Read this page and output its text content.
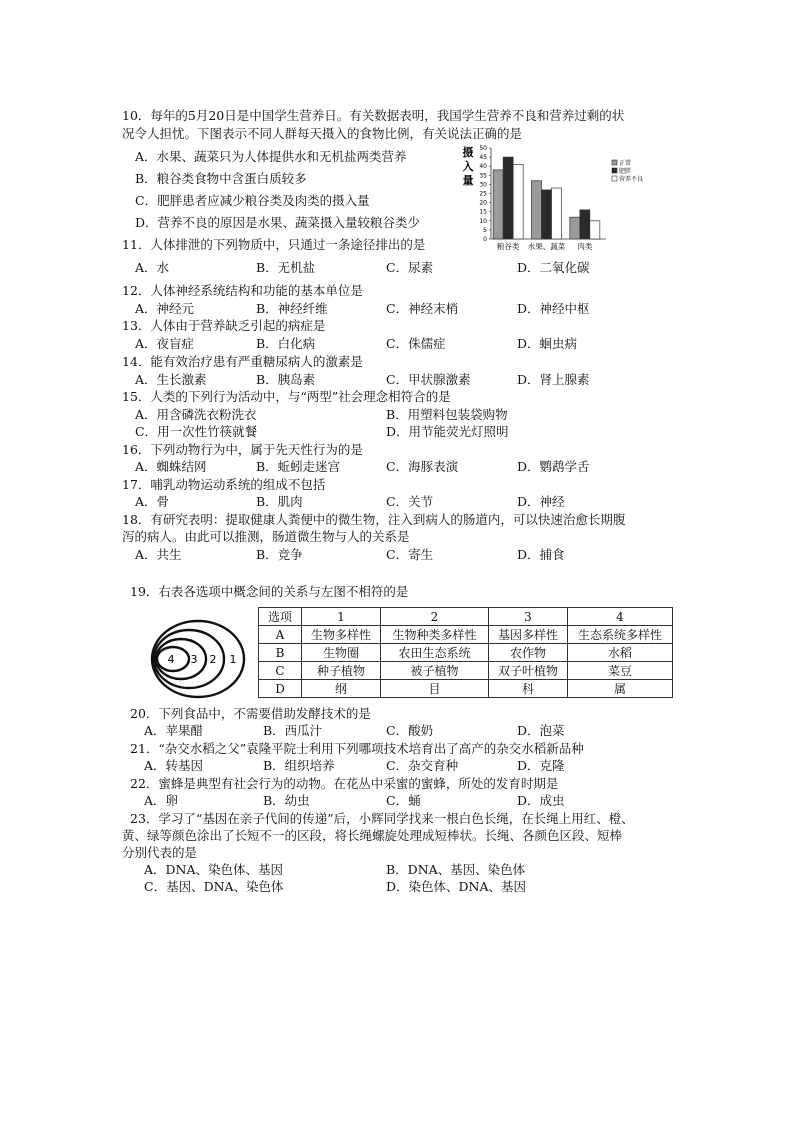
10．每年的5月20日是中国学生营养日。有关数据表明，我国学生营养不良和营养过剩的状
况令人担忧。下图表示不同人群每天摄入的食物比例，有关说法正确的是
A．水果、蔬菜只为人体提供水和无机盐两类营养
B．粮谷类食物中含蛋白质较多
C．肥胖患者应减少粮谷类及肉类的摄入量
D．营养不良的原因是水果、蔬菜摄入量较粮谷类少
摄
入
量
0
5
10
15
20
25
30
35
40
45
50
粮谷类 水果、蔬菜 肉类
正常
肥胖
营养不良
11．人体排泄的下列物质中，只通过一条途径排出的是
A．水	B．无机盐	C．尿素	D．二氧化碳
12．人体神经系统结构和功能的基本单位是
A．神经元	B．神经纤维	C．神经末梢	D．神经中枢
13．人体由于营养缺乏引起的病症是
A．夜盲症	B．白化病	C．侏儒症	D．蛔虫病
14．能有效治疗患有严重糖尿病人的激素是
A．生长激素	B．胰岛素	C．甲状腺激素	D．肾上腺素
15．人类的下列行为活动中，与“两型”社会理念相符合的是
A．用含磷洗衣粉洗衣	B．用塑料包装袋购物
C．用一次性竹筷就餐	D．用节能荧光灯照明
16．下列动物行为中，属于先天性行为的是
A．蜘蛛结网	B．蚯蚓走迷宫	C．海豚表演	D．鹦鹉学舌
17．哺乳动物运动系统的组成不包括
A．骨	B．肌肉	C．关节	D．神经
18．有研究表明：提取健康人粪便中的微生物，注入到病人的肠道内，可以快速治愈长期腹
泻的病人。由此可以推测，肠道微生物与人的关系是
A．共生	B．竞争	C．寄生	D．捕食
19．右表各选项中概念间的关系与左图不相符的是
4 3 2 1
选项	1	2	3	4
A	生物多样性	生物种类多样性	基因多样性	生态系统多样性
B	生物圈	农田生态系统	农作物	水稻
C	种子植物	被子植物	双子叶植物	菜豆
D	纲	目	科	属
20．下列食品中，不需要借助发酵技术的是
A．苹果醋	B．西瓜汁	C．酸奶	D．泡菜
21．“杂交水稻之父”袁隆平院士利用下列哪项技术培育出了高产的杂交水稻新品种
A．转基因	B．组织培养	C．杂交育种	D．克隆
22．蜜蜂是典型有社会行为的动物。在花丛中采蜜的蜜蜂，所处的发育时期是
A．卵	B．幼虫	C．蛹	D．成虫
23．学习了“基因在亲子代间的传递”后，小辉同学找来一根白色长绳，在长绳上用红、橙、
黄、绿等颜色涂出了长短不一的区段，将长绳螺旋处理成短棒状。长绳、各颜色区段、短棒
分别代表的是
A．DNA、染色体、基因	B．DNA、基因、染色体
C．基因、DNA、染色体	D．染色体、DNA、基因
